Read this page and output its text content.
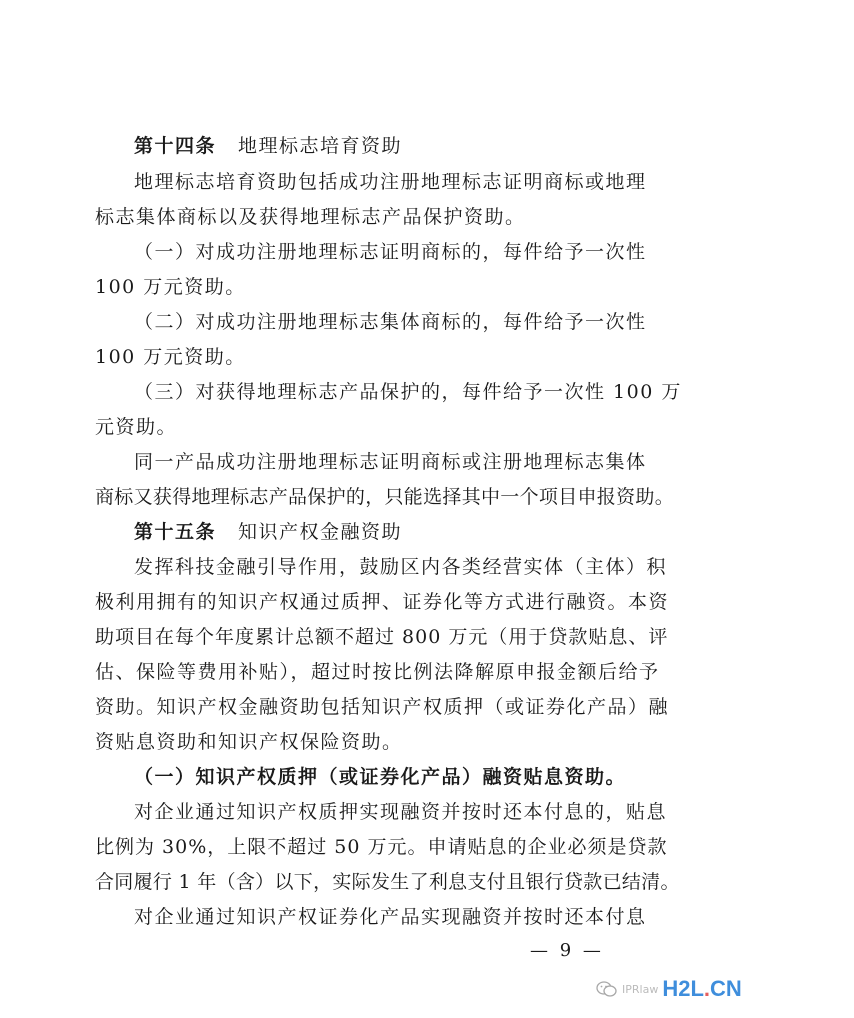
第十四条 地理标志培育资助
地理标志培育资助包括成功注册地理标志证明商标或地理
标志集体商标以及获得地理标志产品保护资助。
（一）对成功注册地理标志证明商标的，每件给予一次性
100 万元资助。
（二）对成功注册地理标志集体商标的，每件给予一次性
100 万元资助。
（三）对获得地理标志产品保护的，每件给予一次性 100 万
元资助。
同一产品成功注册地理标志证明商标或注册地理标志集体
商标又获得地理标志产品保护的，只能选择其中一个项目申报资助。
第十五条 知识产权金融资助
发挥科技金融引导作用，鼓励区内各类经营实体（主体）积
极利用拥有的知识产权通过质押、证券化等方式进行融资。本资
助项目在每个年度累计总额不超过 800 万元（用于贷款贴息、评
估、保险等费用补贴），超过时按比例法降解原申报金额后给予
资助。知识产权金融资助包括知识产权质押（或证券化产品）融
资贴息资助和知识产权保险资助。
（一）知识产权质押（或证券化产品）融资贴息资助。
对企业通过知识产权质押实现融资并按时还本付息的，贴息
比例为 30%，上限不超过 50 万元。申请贴息的企业必须是贷款
合同履行 1 年（含）以下，实际发生了利息支付且银行贷款已结清。
对企业通过知识产权证券化产品实现融资并按时还本付息
— 9 —
IPRlaw H2L.CN
